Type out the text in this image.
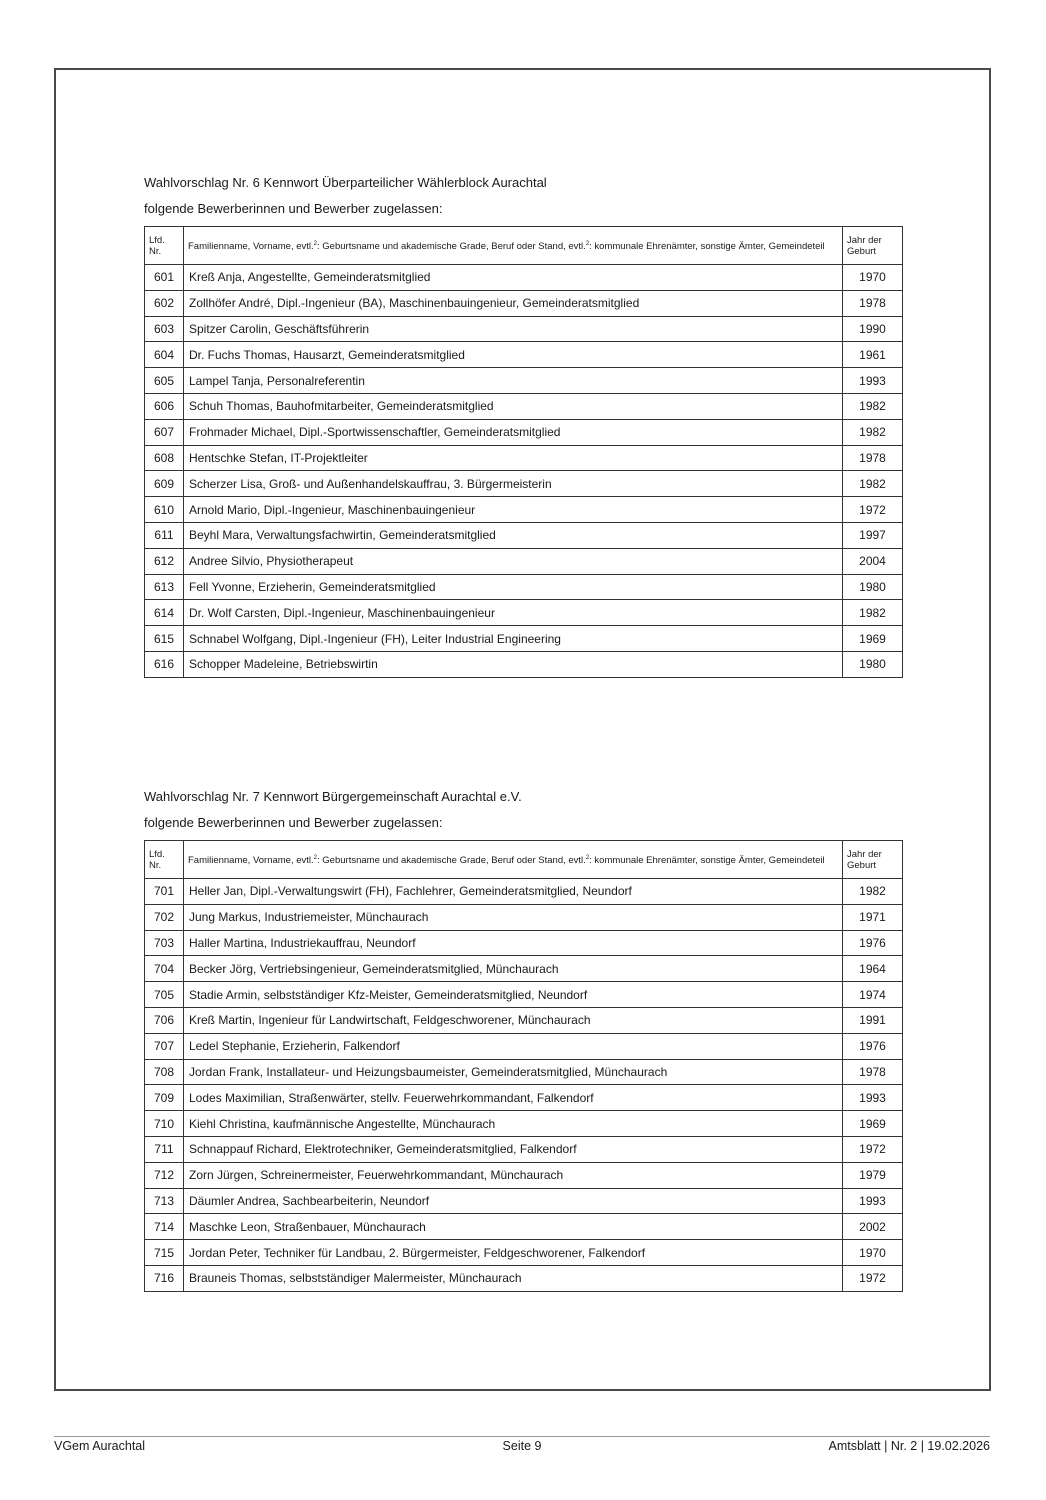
Wahlvorschlag Nr. 6 Kennwort Überparteilicher Wählerblock Aurachtal

folgende Bewerberinnen und Bewerber zugelassen:

Lfd. Nr.	Familienname, Vorname, evtl.$^2$: Geburtsname und akademische Grade, Beruf oder Stand, evtl.$^2$: kommunale Ehrenämter, sonstige Ämter, Gemeindeteil	Jahr der Geburt
601	Kreß Anja, Angestellte, Gemeinderatsmitglied	1970
602	Zollhöfer André, Dipl.-Ingenieur (BA), Maschinenbauingenieur, Gemeinderatsmitglied	1978
603	Spitzer Carolin, Geschäftsführerin	1990
604	Dr. Fuchs Thomas, Hausarzt, Gemeinderatsmitglied	1961
605	Lampel Tanja, Personalreferentin	1993
606	Schuh Thomas, Bauhofmitarbeiter, Gemeinderatsmitglied	1982
607	Frohmader Michael, Dipl.-Sportwissenschaftler, Gemeinderatsmitglied	1982
608	Hentschke Stefan, IT-Projektleiter	1978
609	Scherzer Lisa, Groß- und Außenhandelskauffrau, 3. Bürgermeisterin	1982
610	Arnold Mario, Dipl.-Ingenieur, Maschinenbauingenieur	1972
611	Beyhl Mara, Verwaltungsfachwirtin, Gemeinderatsmitglied	1997
612	Andree Silvio, Physiotherapeut	2004
613	Fell Yvonne, Erzieherin, Gemeinderatsmitglied	1980
614	Dr. Wolf Carsten, Dipl.-Ingenieur, Maschinenbauingenieur	1982
615	Schnabel Wolfgang, Dipl.-Ingenieur (FH), Leiter Industrial Engineering	1969
616	Schopper Madeleine, Betriebswirtin	1980

Wahlvorschlag Nr. 7 Kennwort Bürgergemeinschaft Aurachtal e.V.

folgende Bewerberinnen und Bewerber zugelassen:

Lfd. Nr.	Familienname, Vorname, evtl.$^2$: Geburtsname und akademische Grade, Beruf oder Stand, evtl.$^2$: kommunale Ehrenämter, sonstige Ämter, Gemeindeteil	Jahr der Geburt
701	Heller Jan, Dipl.-Verwaltungswirt (FH), Fachlehrer, Gemeinderatsmitglied, Neundorf	1982
702	Jung Markus, Industriemeister, Münchaurach	1971
703	Haller Martina, Industriekauffrau, Neundorf	1976
704	Becker Jörg, Vertriebsingenieur, Gemeinderatsmitglied, Münchaurach	1964
705	Stadie Armin, selbstständiger Kfz-Meister, Gemeinderatsmitglied, Neundorf	1974
706	Kreß Martin, Ingenieur für Landwirtschaft, Feldgeschworener, Münchaurach	1991
707	Ledel Stephanie, Erzieherin, Falkendorf	1976
708	Jordan Frank, Installateur- und Heizungsbaumeister, Gemeinderatsmitglied, Münchaurach	1978
709	Lodes Maximilian, Straßenwärter, stellv. Feuerwehrkommandant, Falkendorf	1993
710	Kiehl Christina, kaufmännische Angestellte, Münchaurach	1969
711	Schnappauf Richard, Elektrotechniker, Gemeinderatsmitglied, Falkendorf	1972
712	Zorn Jürgen, Schreinermeister, Feuerwehrkommandant, Münchaurach	1979
713	Däumler Andrea, Sachbearbeiterin, Neundorf	1993
714	Maschke Leon, Straßenbauer, Münchaurach	2002
715	Jordan Peter, Techniker für Landbau, 2. Bürgermeister, Feldgeschworener, Falkendorf	1970
716	Brauneis Thomas, selbstständiger Malermeister, Münchaurach	1972
VGem Aurachtal	Seite 9	Amtsblatt | Nr. 2 | 19.02.2026
